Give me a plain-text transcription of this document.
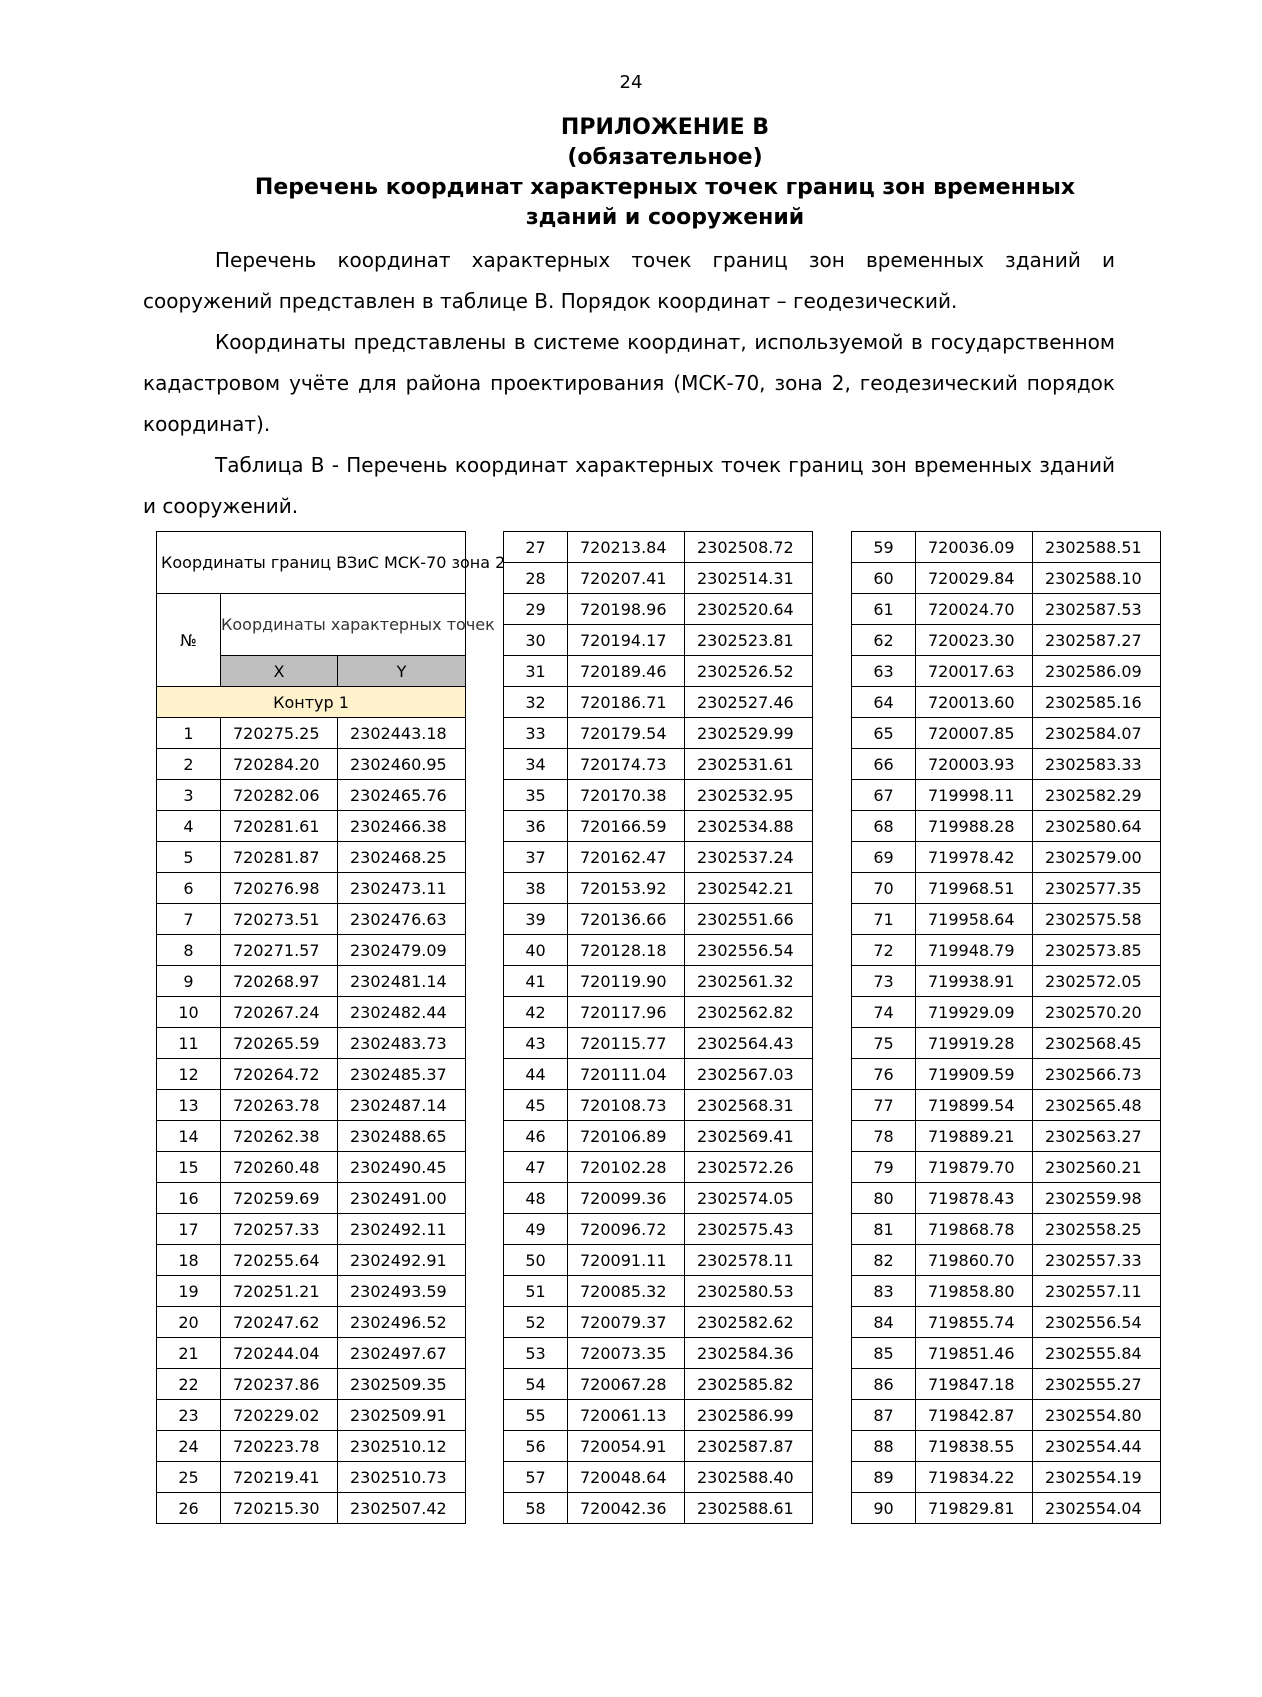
24
ПРИЛОЖЕНИЕ В
(обязательное)
Перечень координат характерных точек границ зон временных зданий и сооружений

Перечень координат характерных точек границ зон временных зданий и сооружений представлен в таблице В. Порядок координат – геодезический.

Координаты представлены в системе координат, используемой в государственном кадастровом учёте для района проектирования (МСК-70, зона 2, геодезический порядок координат).

Таблица В - Перечень координат характерных точек границ зон временных зданий и сооружений.

Координаты границ ВЗиС МСК-70 зона 2		
№	Координаты характерных точек	
	X	Y
Контур 1		
1	720275.25	2302443.18
2	720284.20	2302460.95
3	720282.06	2302465.76
4	720281.61	2302466.38
5	720281.87	2302468.25
6	720276.98	2302473.11
7	720273.51	2302476.63
8	720271.57	2302479.09
9	720268.97	2302481.14
10	720267.24	2302482.44
11	720265.59	2302483.73
12	720264.72	2302485.37
13	720263.78	2302487.14
14	720262.38	2302488.65
15	720260.48	2302490.45
16	720259.69	2302491.00
17	720257.33	2302492.11
18	720255.64	2302492.91
19	720251.21	2302493.59
20	720247.62	2302496.52
21	720244.04	2302497.67
22	720237.86	2302509.35
23	720229.02	2302509.91
24	720223.78	2302510.12
25	720219.41	2302510.73
26	720215.30	2302507.42
27	720213.84	2302508.72
28	720207.41	2302514.31
29	720198.96	2302520.64
30	720194.17	2302523.81
31	720189.46	2302526.52
32	720186.71	2302527.46
33	720179.54	2302529.99
34	720174.73	2302531.61
35	720170.38	2302532.95
36	720166.59	2302534.88
37	720162.47	2302537.24
38	720153.92	2302542.21
39	720136.66	2302551.66
40	720128.18	2302556.54
41	720119.90	2302561.32
42	720117.96	2302562.82
43	720115.77	2302564.43
44	720111.04	2302567.03
45	720108.73	2302568.31
46	720106.89	2302569.41
47	720102.28	2302572.26
48	720099.36	2302574.05
49	720096.72	2302575.43
50	720091.11	2302578.11
51	720085.32	2302580.53
52	720079.37	2302582.62
53	720073.35	2302584.36
54	720067.28	2302585.82
55	720061.13	2302586.99
56	720054.91	2302587.87
57	720048.64	2302588.40
58	720042.36	2302588.61
59	720036.09	2302588.51
60	720029.84	2302588.10
61	720024.70	2302587.53
62	720023.30	2302587.27
63	720017.63	2302586.09
64	720013.60	2302585.16
65	720007.85	2302584.07
66	720003.93	2302583.33
67	719998.11	2302582.29
68	719988.28	2302580.64
69	719978.42	2302579.00
70	719968.51	2302577.35
71	719958.64	2302575.58
72	719948.79	2302573.85
73	719938.91	2302572.05
74	719929.09	2302570.20
75	719919.28	2302568.45
76	719909.59	2302566.73
77	719899.54	2302565.48
78	719889.21	2302563.27
79	719879.70	2302560.21
80	719878.43	2302559.98
81	719868.78	2302558.25
82	719860.70	2302557.33
83	719858.80	2302557.11
84	719855.74	2302556.54
85	719851.46	2302555.84
86	719847.18	2302555.27
87	719842.87	2302554.80
88	719838.55	2302554.44
89	719834.22	2302554.19
90	719829.81	2302554.04
